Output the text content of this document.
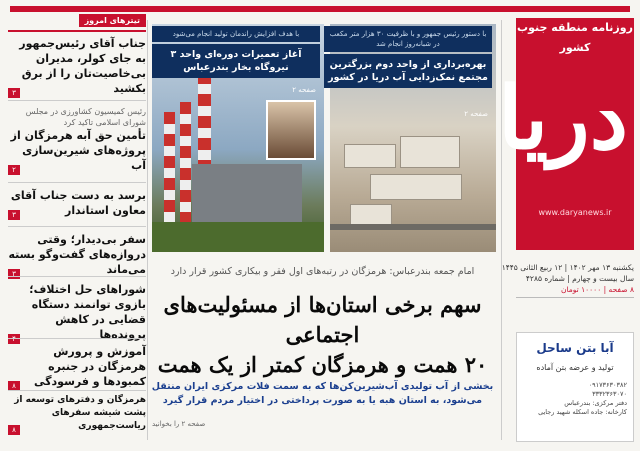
روزنامه منطقه جنوب کشور
دریا
www.daryanews.ir
یکشنبه ۱۳ مهر ۱۴۰۲ | ۱۲ ربیع الثانی ۱۴۴۵
سال بیست و چهارم | شماره ۴۲۸۵
۸ صفحه | ۱۰۰۰۰ تومان
آبا بتن ساحل
تولید و عرضه بتن آماده
۰۹۱۷۳۶۳۰۳۸۲
۳۳۳۲۳۶۳۰۷۰
دفتر مرکزی: بندرعباس
کارخانه: جاده اسکله شهید رجایی
تیترهای امروز
جناب آقای رئیس‌جمهور به جای کولر، مدیران بی‌خاصیت‌تان را از برق بکشید
۳
رئیس کمیسیون کشاورزی در مجلس شورای اسلامی تاکید کرد
تأمین حق آبه هرمزگان از پروژه‌های شیرین‌سازی آب
۲
برسد به دست جناب آقای معاون استاندار
۳
سفر بی‌دیدار؛ وقتی دروازه‌های گفت‌وگو بسته می‌ماند
۳
شوراهای حل اختلاف؛ بازوی توانمند دستگاه قضایی در کاهش پرونده‌ها
۴
آموزش و پرورش هرمزگان در جنبره کمبودها و فرسودگی
۸
هرمزگان و دفترهای توسعه از پشت شیشه سفرهای ریاست‌جمهوری
۸
با هدف افزایش راندمان تولید انجام می‌شود
آغاز تعمیرات دوره‌ای واحد ۳ نیروگاه بخار بندرعباس
صفحه ۲
با دستور رئیس جمهور و با ظرفیت ۳۰ هزار متر مکعب در شبانه‌روز انجام شد
بهره‌برداری از واحد دوم بزرگترین مجتمع نمک‌زدایی آب دریا در کشور
صفحه ۲
امام جمعه بندرعباس: هرمزگان در رتبه‌های اول فقر و بیکاری کشور قرار دارد
سهم برخی استان‌ها از مسئولیت‌های اجتماعی
۲۰ همت و هرمزگان کمتر از یک همت
بخشی از آب تولیدی آب‌شیرین‌کن‌ها که به سمت فلات مرکزی ایران منتقل می‌شود، به استان هبه یا به صورت پرداختی در اختیار مردم قرار گیرد
صفحه ۲ را بخوانید
